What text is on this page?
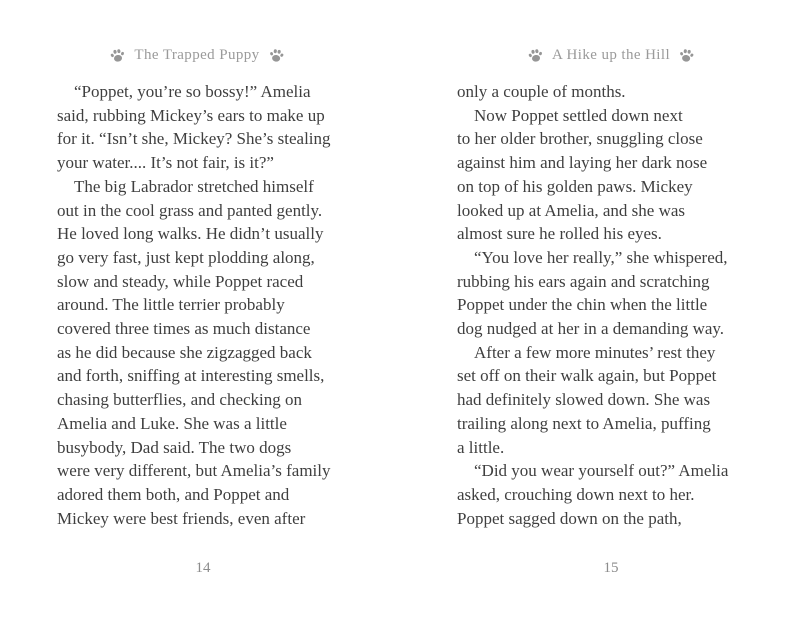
The Trapped Puppy
“Poppet, you’re so bossy!” Amelia
said, rubbing Mickey’s ears to make up
for it. “Isn’t she, Mickey? She’s stealing
your water.... It’s not fair, is it?”
The big Labrador stretched himself
out in the cool grass and panted gently.
He loved long walks. He didn’t usually
go very fast, just kept plodding along,
slow and steady, while Poppet raced
around. The little terrier probably
covered three times as much distance
as he did because she zigzagged back
and forth, sniffing at interesting smells,
chasing butterflies, and checking on
Amelia and Luke. She was a little
busybody, Dad said. The two dogs
were very different, but Amelia’s family
adored them both, and Poppet and
Mickey were best friends, even after
14
A Hike up the Hill
only a couple of months.
Now Poppet settled down next
to her older brother, snuggling close
against him and laying her dark nose
on top of his golden paws. Mickey
looked up at Amelia, and she was
almost sure he rolled his eyes.
“You love her really,” she whispered,
rubbing his ears again and scratching
Poppet under the chin when the little
dog nudged at her in a demanding way.
After a few more minutes’ rest they
set off on their walk again, but Poppet
had definitely slowed down. She was
trailing along next to Amelia, puffing
a little.
“Did you wear yourself out?” Amelia
asked, crouching down next to her.
Poppet sagged down on the path,
15
